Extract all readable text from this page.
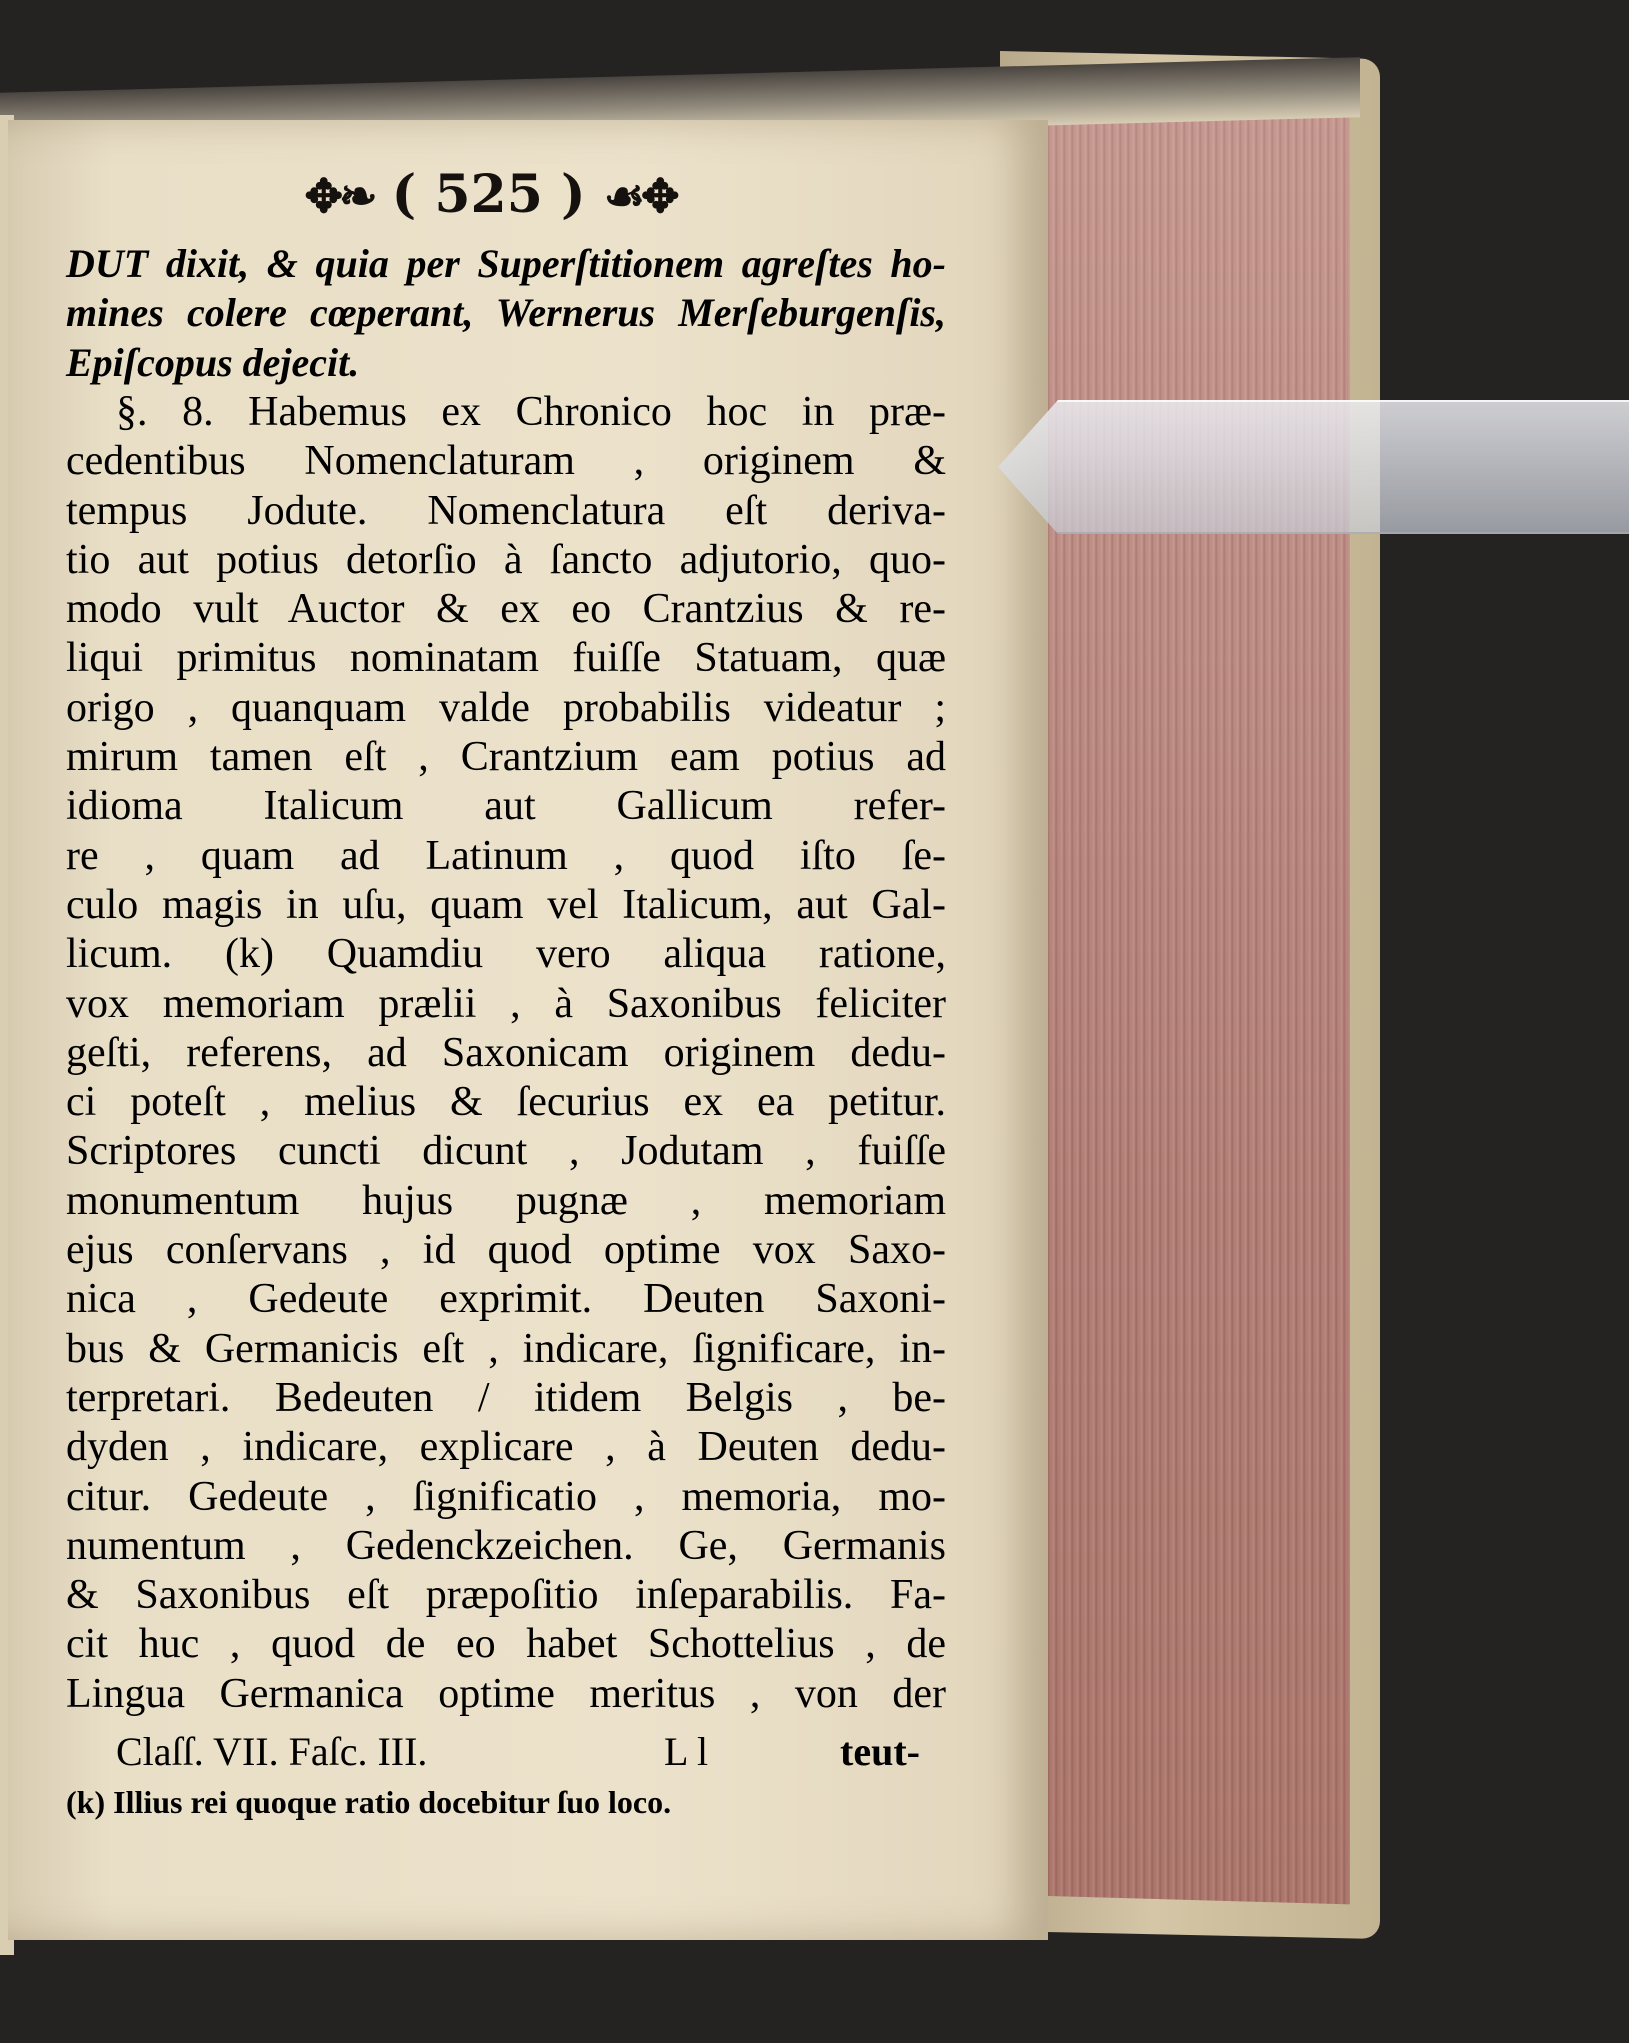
✥❧ ( 525 ) ☙✥
DUT dixit, & quia per Superſtitionem agreſtes ho-
mines colere cœperant, Wernerus Merſeburgenſis,
Epiſcopus dejecit.
§. 8. Habemus ex Chronico hoc in præ-
cedentibus Nomenclaturam , originem &
tempus Jodute. Nomenclatura eſt deriva-
tio aut potius detorſio à ſancto adjutorio, quo-
modo vult Auctor & ex eo Crantzius & re-
liqui primitus nominatam fuiſſe Statuam, quæ
origo , quanquam valde probabilis videatur ;
mirum tamen eſt , Crantzium eam potius ad
idioma Italicum aut Gallicum refer-
re , quam ad Latinum , quod iſto ſe-
culo magis in uſu, quam vel Italicum, aut Gal-
licum. (k) Quamdiu vero aliqua ratione,
vox memoriam prælii , à Saxonibus feliciter
geſti, referens, ad Saxonicam originem dedu-
ci poteſt , melius & ſecurius ex ea petitur.
Scriptores cuncti dicunt , Jodutam , fuiſſe
monumentum hujus pugnæ , memoriam
ejus conſervans , id quod optime vox Saxo-
nica , Gedeute exprimit. Deuten Saxoni-
bus & Germanicis eſt , indicare, ſignificare, in-
terpretari. Bedeuten / itidem Belgis , be-
dyden , indicare, explicare , à Deuten dedu-
citur. Gedeute , ſignificatio , memoria, mo-
numentum , Gedenckzeichen. Ge, Germanis
& Saxonibus eſt præpoſitio inſeparabilis. Fa-
cit huc , quod de eo habet Schottelius , de
Lingua Germanica optime meritus , von der
Claſſ. VII. Faſc. III.	L l	teut-
(k) Illius rei quoque ratio docebitur ſuo loco.
